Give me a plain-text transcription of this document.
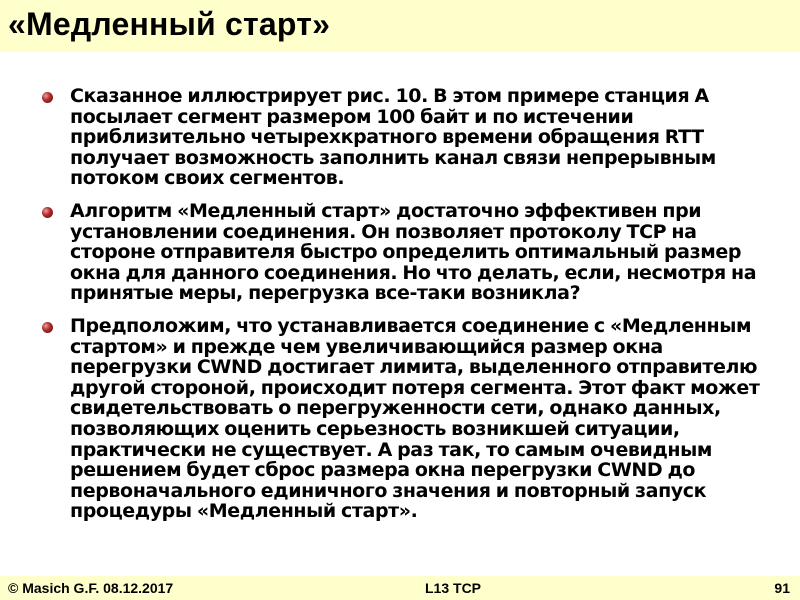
«Медленный старт»
Сказанное иллюстрирует рис. 10. В этом примере станция А посылает сегмент размером 100 байт и по истечении приблизительно четырехкратного времени обращения RTT получает возможность заполнить канал связи непрерывным потоком своих сегментов.
Алгоритм «Медленный старт» достаточно эффективен при установлении соединения. Он позволяет протоколу TCP на стороне отправителя быстро определить оптимальный размер окна для данного соединения. Но что делать, если, несмотря на принятые меры, перегрузка все-таки возникла?
Предположим, что устанавливается соединение с «Медленным стартом» и прежде чем увеличивающийся размер окна перегрузки CWND достигает лимита, выделенного отправителю другой стороной, происходит потеря сегмента. Этот факт может свидетельствовать о перегруженности сети, однако данных, позволяющих оценить серьезность возникшей ситуации, практически не существует. А раз так, то самым очевидным решением будет сброс размера окна перегрузки CWND до первоначального единичного значения и повторный запуск процедуры «Медленный старт».
© Masich G.F. 08.12.2017	L13 TCP	91
